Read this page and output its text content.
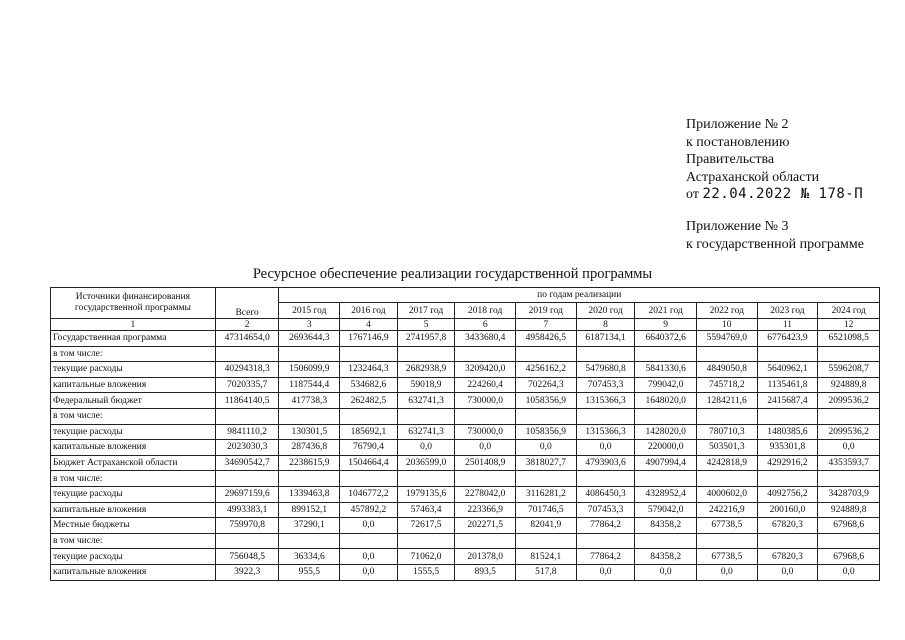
Приложение № 2
к постановлению
Правительства
Астраханской области
от 22.04.2022 № 178-П
Приложение № 3
к государственной программе
Ресурсное обеспечение реализации государственной программы
Источники финансирования
государственной программы	Всего	по годам реализации									
		2015 год	2016 год	2017 год	2018 год	2019 год	2020 год	2021 год	2022 год	2023 год	2024 год
1	2	3	4	5	6	7	8	9	10	11	12
Государственная программа	47314654,0	2693644,3	1767146,9	2741957,8	3433680,4	4958426,5	6187134,1	6640372,6	5594769,0	6776423,9	6521098,5
в том числе:											
текущие расходы	40294318,3	1506099,9	1232464,3	2682938,9	3209420,0	4256162,2	5479680,8	5841330,6	4849050,8	5640962,1	5596208,7
капитальные вложения	7020335,7	1187544,4	534682,6	59018,9	224260,4	702264,3	707453,3	799042,0	745718,2	1135461,8	924889,8
Федеральный бюджет	11864140,5	417738,3	262482,5	632741,3	730000,0	1058356,9	1315366,3	1648020,0	1284211,6	2415687,4	2099536,2
в том числе:											
текущие расходы	9841110,2	130301,5	185692,1	632741,3	730000,0	1058356,9	1315366,3	1428020,0	780710,3	1480385,6	2099536,2
капитальные вложения	2023030,3	287436,8	76790,4	0,0	0,0	0,0	0,0	220000,0	503501,3	935301,8	0,0
Бюджет Астраханской области	34690542,7	2238615,9	1504664,4	2036599,0	2501408,9	3818027,7	4793903,6	4907994,4	4242818,9	4292916,2	4353593,7
в том числе:											
текущие расходы	29697159,6	1339463,8	1046772,2	1979135,6	2278042,0	3116281,2	4086450,3	4328952,4	4000602,0	4092756,2	3428703,9
капитальные вложения	4993383,1	899152,1	457892,2	57463,4	223366,9	701746,5	707453,3	579042,0	242216,9	200160,0	924889,8
Местные бюджеты	759970,8	37290,1	0,0	72617,5	202271,5	82041,9	77864,2	84358,2	67738,5	67820,3	67968,6
в том числе:											
текущие расходы	756048,5	36334,6	0,0	71062,0	201378,0	81524,1	77864,2	84358,2	67738,5	67820,3	67968,6
капитальные вложения	3922,3	955,5	0,0	1555,5	893,5	517,8	0,0	0,0	0,0	0,0	0,0
